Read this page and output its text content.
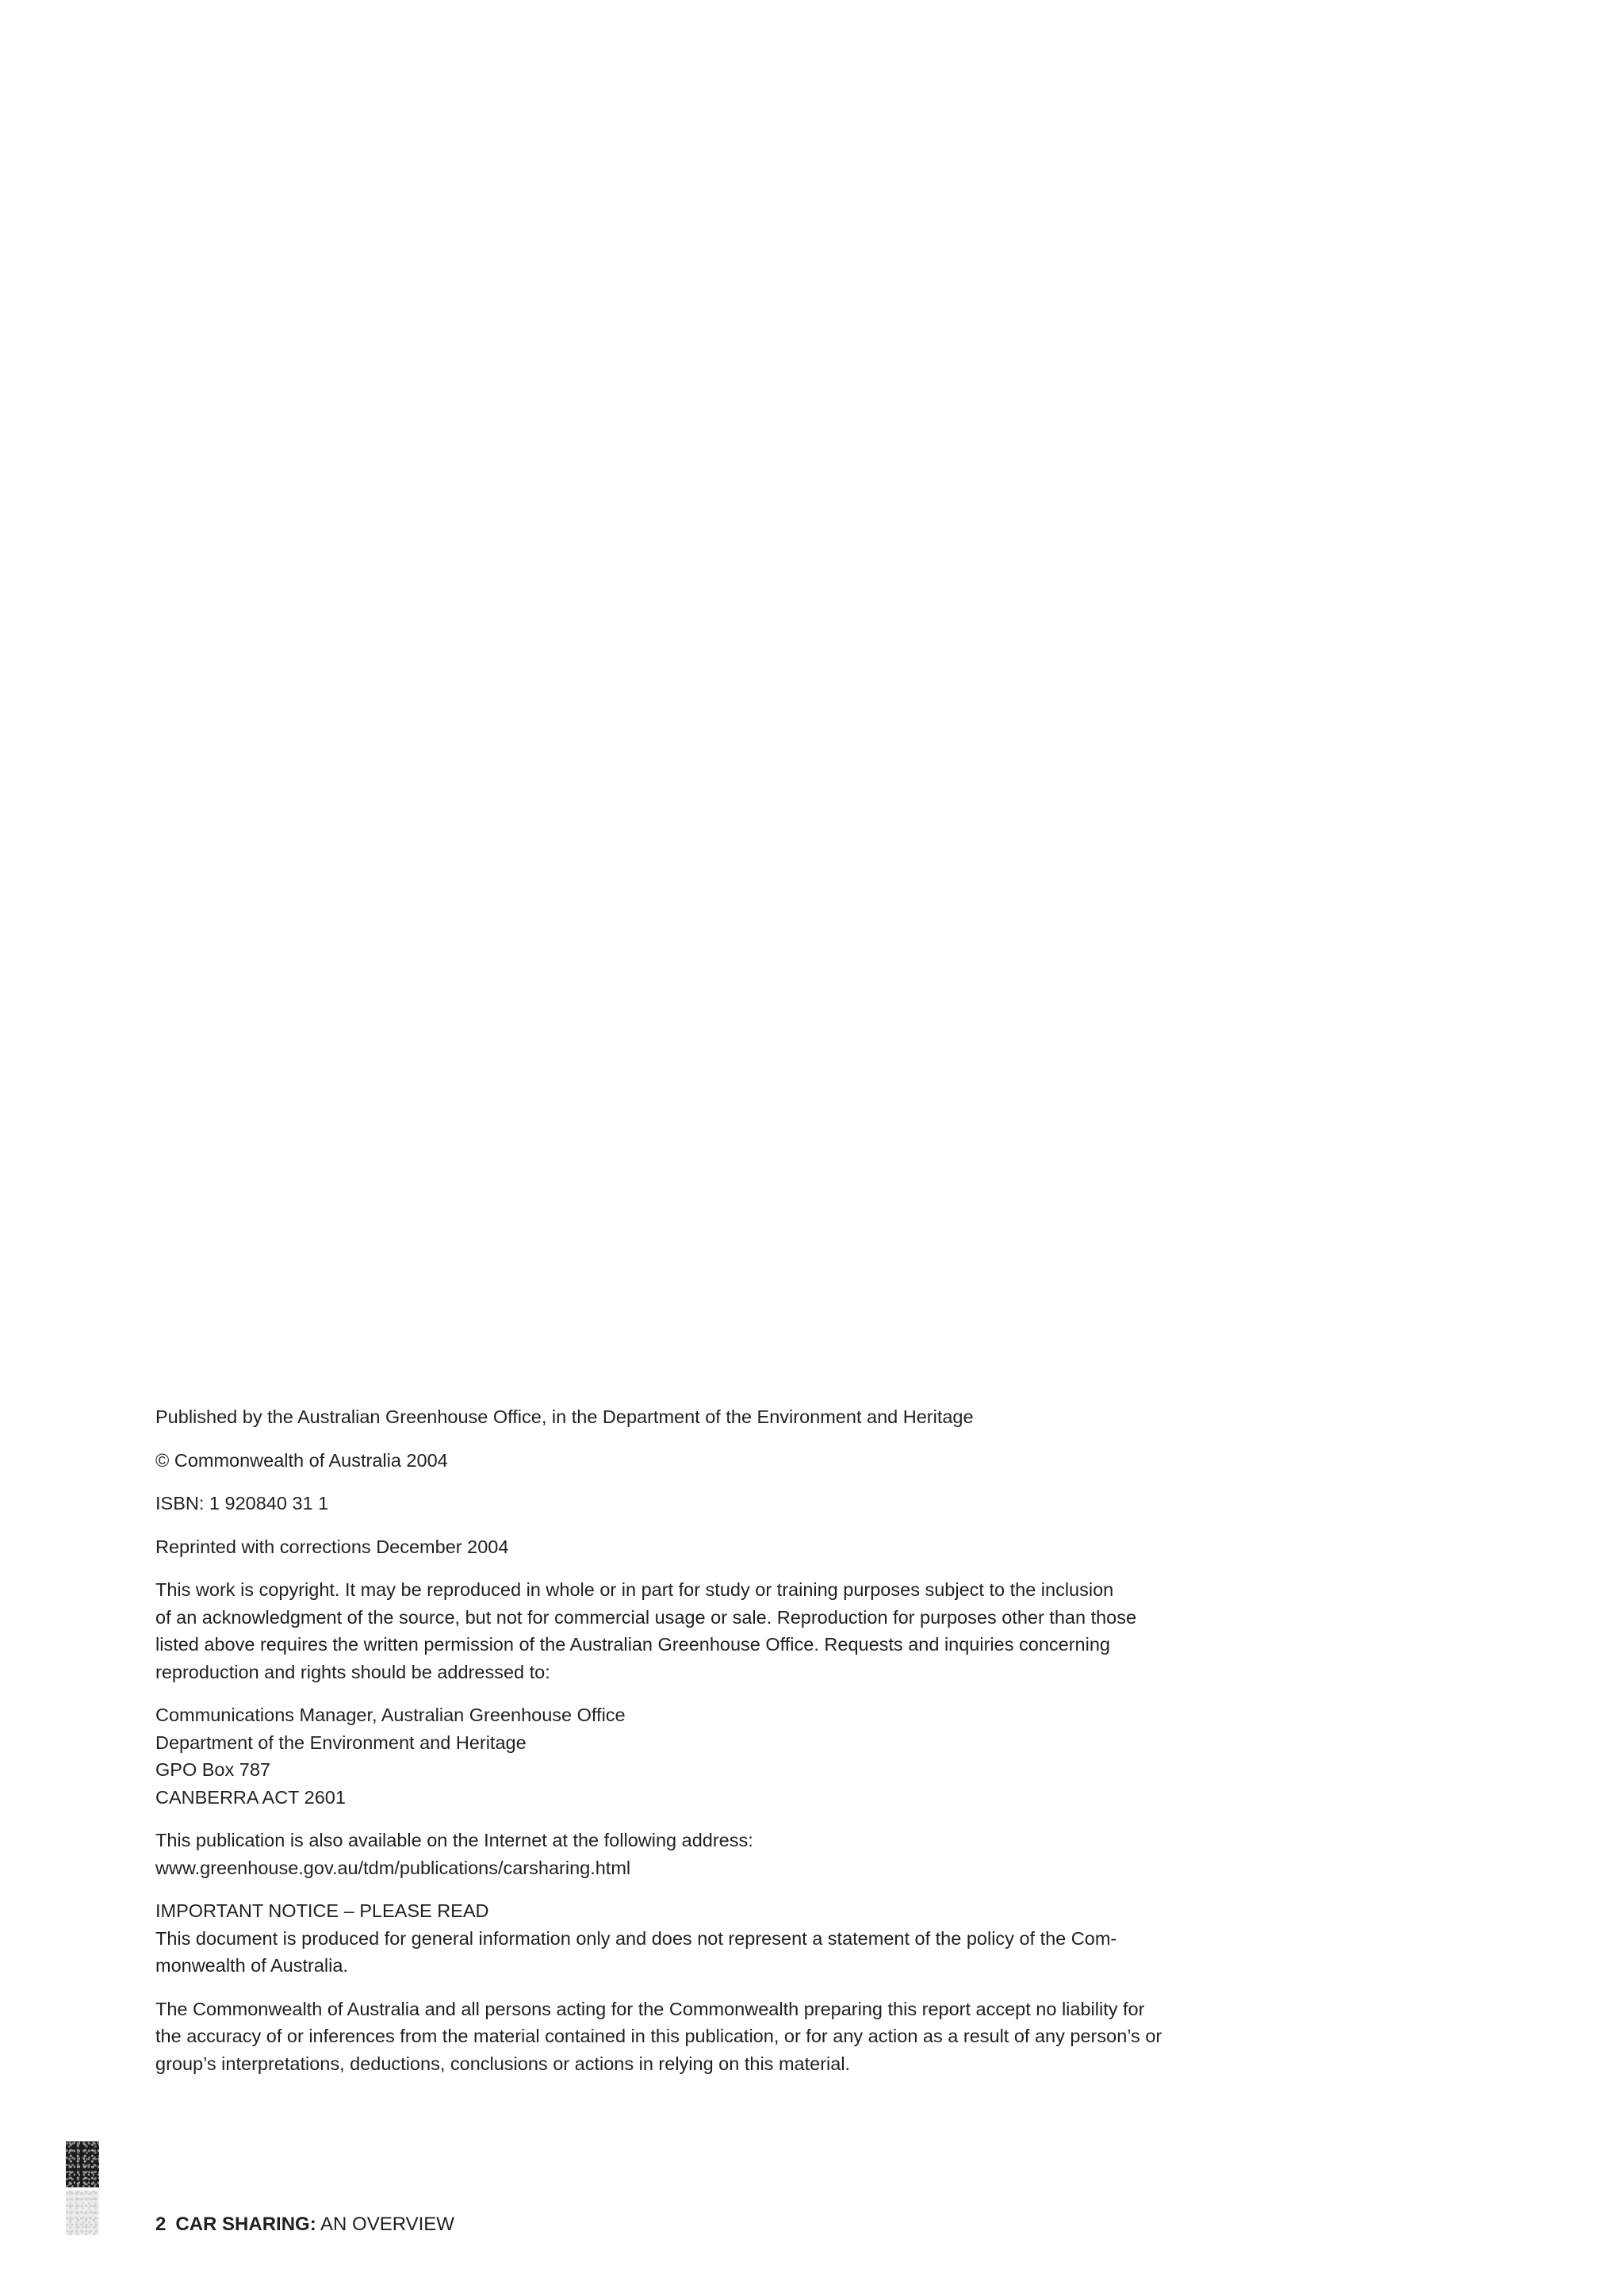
Published by the Australian Greenhouse Office, in the Department of the Environment and Heritage

© Commonwealth of Australia 2004

ISBN: 1 920840 31 1

Reprinted with corrections December 2004

This work is copyright. It may be reproduced in whole or in part for study or training purposes subject to the inclusion
of an acknowledgment of the source, but not for commercial usage or sale. Reproduction for purposes other than those
listed above requires the written permission of the Australian Greenhouse Office. Requests and inquiries concerning
reproduction and rights should be addressed to:

Communications Manager, Australian Greenhouse Office
Department of the Environment and Heritage
GPO Box 787
CANBERRA ACT 2601

This publication is also available on the Internet at the following address:
www.greenhouse.gov.au/tdm/publications/carsharing.html

IMPORTANT NOTICE – PLEASE READ
This document is produced for general information only and does not represent a statement of the policy of the Com-
monwealth of Australia.

The Commonwealth of Australia and all persons acting for the Commonwealth preparing this report accept no liability for
the accuracy of or inferences from the material contained in this publication, or for any action as a result of any person’s or
group’s interpretations, deductions, conclusions or actions in relying on this material.

2 CAR SHARING: AN OVERVIEW
